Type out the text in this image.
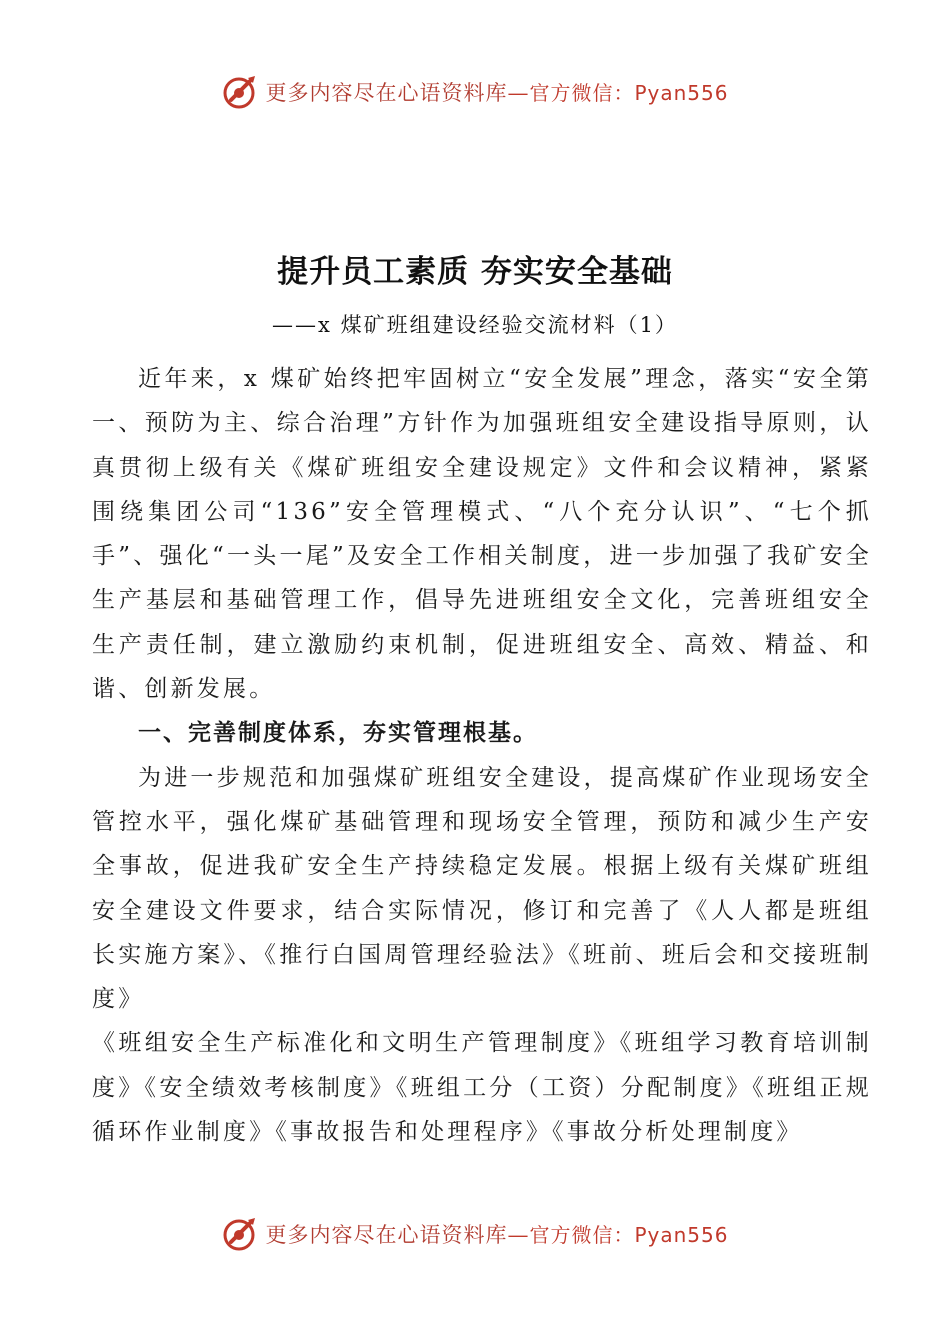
更多内容尽在心语资料库—官方微信：Pyan556
提升员工素质 夯实安全基础
——x 煤矿班组建设经验交流材料（1）

近年来，x 煤矿始终把牢固树立“安全发展”理念，落实“安全第一、预防为主、综合治理”方针作为加强班组安全建设指导原则，认真贯彻上级有关《煤矿班组安全建设规定》文件和会议精神，紧紧围绕集团公司“136”安全管理模式、“八个充分认识”、“七个抓手”、强化“一头一尾”及安全工作相关制度，进一步加强了我矿安全生产基层和基础管理工作，倡导先进班组安全文化，完善班组安全生产责任制，建立激励约束机制，促进班组安全、高效、精益、和谐、创新发展。

一、完善制度体系，夯实管理根基。

为进一步规范和加强煤矿班组安全建设，提高煤矿作业现场安全管控水平，强化煤矿基础管理和现场安全管理，预防和减少生产安全事故，促进我矿安全生产持续稳定发展。根据上级有关煤矿班组安全建设文件要求，结合实际情况，修订和完善了《人人都是班组长实施方案》、《推行白国周管理经验法》《班前、班后会和交接班制度》

《班组安全生产标准化和文明生产管理制度》《班组学习教育培训制度》《安全绩效考核制度》《班组工分（工资）分配制度》《班组正规循环作业制度》《事故报告和处理程序》《事故分析处理制度》

更多内容尽在心语资料库—官方微信：Pyan556
